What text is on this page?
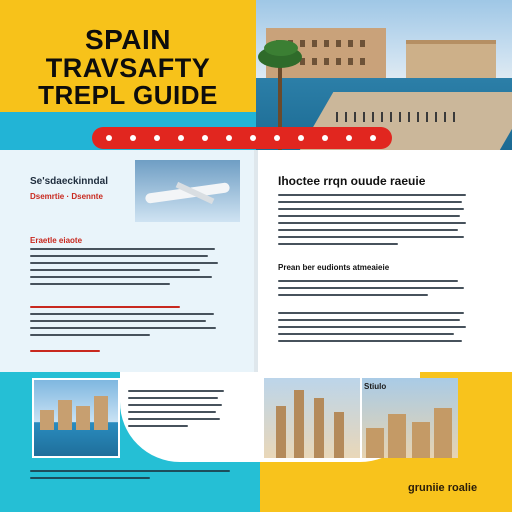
SPAIN
TRAVSAFTY
TREPL GUIDE
Se'sdaeckinndal
Dsemrtie · Dsennte
Eraetle eiaote
Ihoctee rrqn ouude raeuie
Prean ber eudionts atmeaieie
Stiulo
gruniie roalie
